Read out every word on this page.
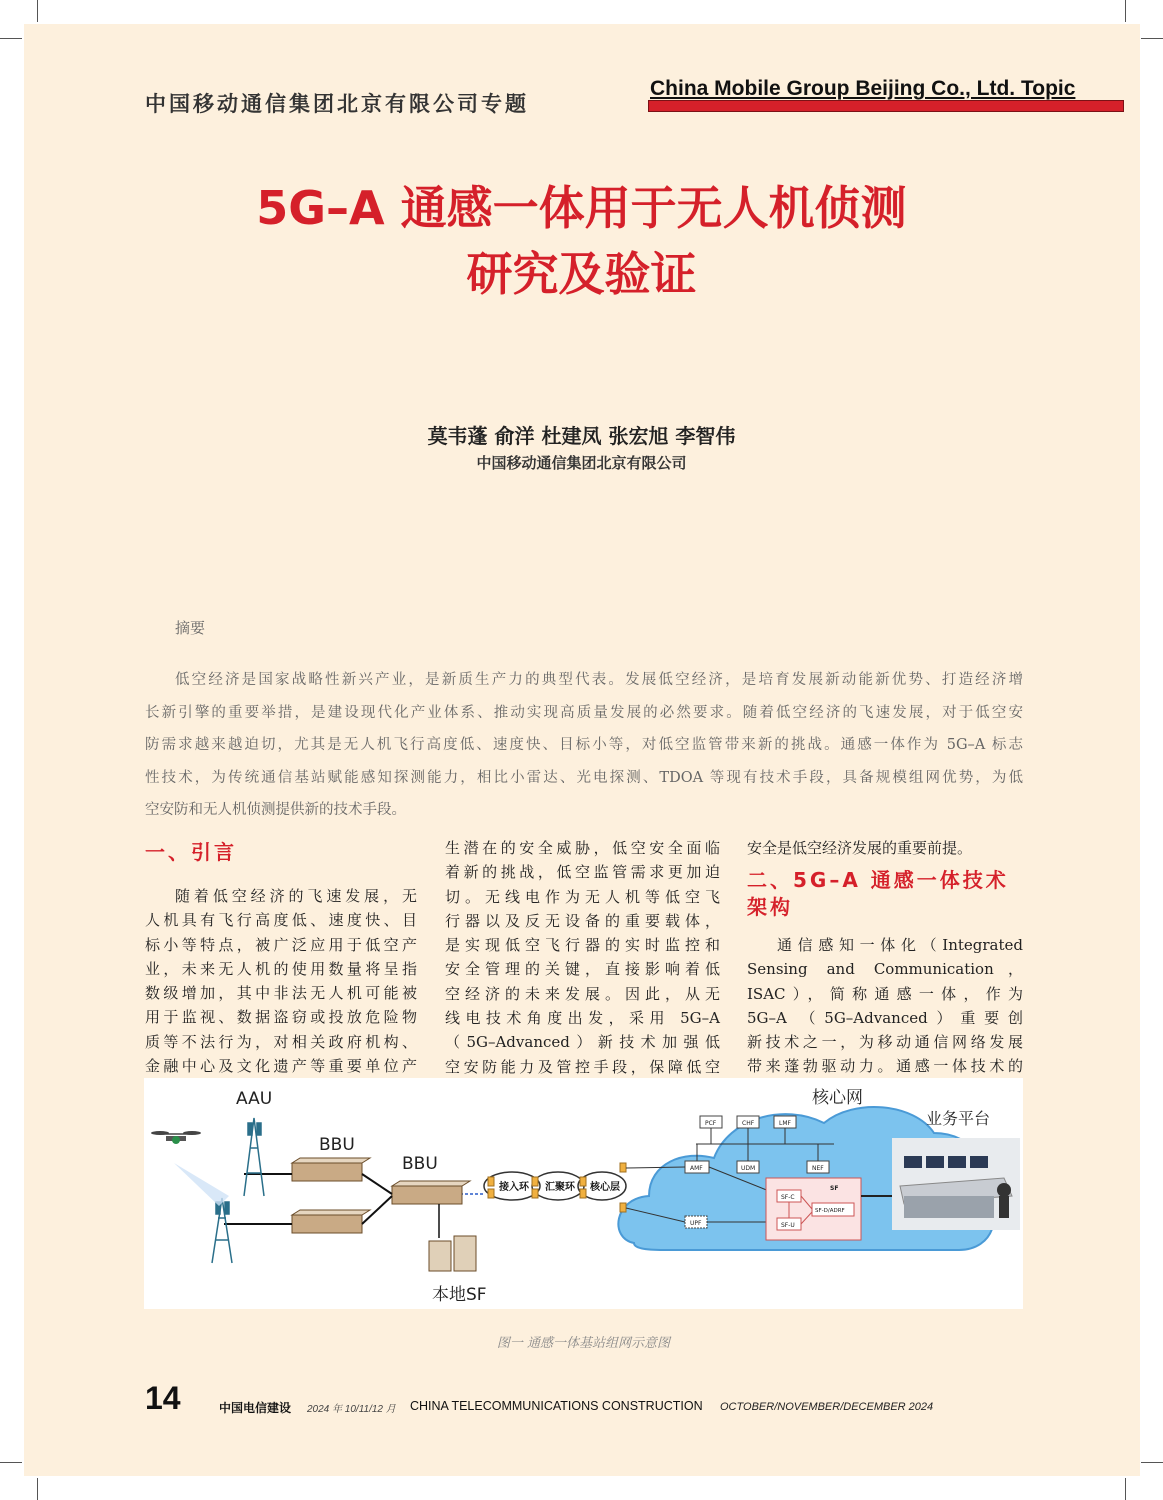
中国移动通信集团北京有限公司专题
China Mobile Group Beijing Co., Ltd. Topic
5G–A 通感一体用于无人机侦测
研究及验证
莫韦蓬 俞洋 杜建凤 张宏旭 李智伟
中国移动通信集团北京有限公司
摘要
低空经济是国家战略性新兴产业，是新质生产力的典型代表。发展低空经济，是培育发展新动能新优势、打造经济增
长新引擎的重要举措，是建设现代化产业体系、推动实现高质量发展的必然要求。随着低空经济的飞速发展，对于低空安
防需求越来越迫切，尤其是无人机飞行高度低、速度快、目标小等，对低空监管带来新的挑战。通感一体作为 5G–A 标志
性技术，为传统通信基站赋能感知探测能力，相比小雷达、光电探测、TDOA 等现有技术手段，具备规模组网优势，为低
空安防和无人机侦测提供新的技术手段。
一、引言
随着低空经济的飞速发展，无
人机具有飞行高度低、速度快、目
标小等特点，被广泛应用于低空产
业，未来无人机的使用数量将呈指
数级增加，其中非法无人机可能被
用于监视、数据盗窃或投放危险物
质等不法行为，对相关政府机构、
金融中心及文化遗产等重要单位产
生潜在的安全威胁，低空安全面临
着新的挑战，低空监管需求更加迫
切。无线电作为无人机等低空飞
行器以及反无设备的重要载体，
是实现低空飞行器的实时监控和
安全管理的关键，直接影响着低
空经济的未来发展。因此，从无
线电技术角度出发，采用 5G–A
（5G–Advanced）新技术加强低
空安防能力及管控手段，保障低空
安全是低空经济发展的重要前提。
二、5G–A 通感一体技术
架构
通信感知一体化（Integrated
Sensing and Communication，
ISAC），简称通感一体，作为
5G–A （5G–Advanced）重要创
新技术之一，为移动通信网络发展
带来蓬勃驱动力。通感一体技术的
核心网
PCF	CHF	LMF
AMF	UDM	NEF
UPF
SF
SF-C
SF-U
SF-D/ADRF
业务平台
接入环 汇聚环 核心层
BBU
BBU
本地SF
AAU
图一 通感一体基站组网示意图
14	中国电信建设 2024 年 10/11/12 月 CHINA TELECOMMUNICATIONS CONSTRUCTION OCTOBER/NOVEMBER/DECEMBER 2024
